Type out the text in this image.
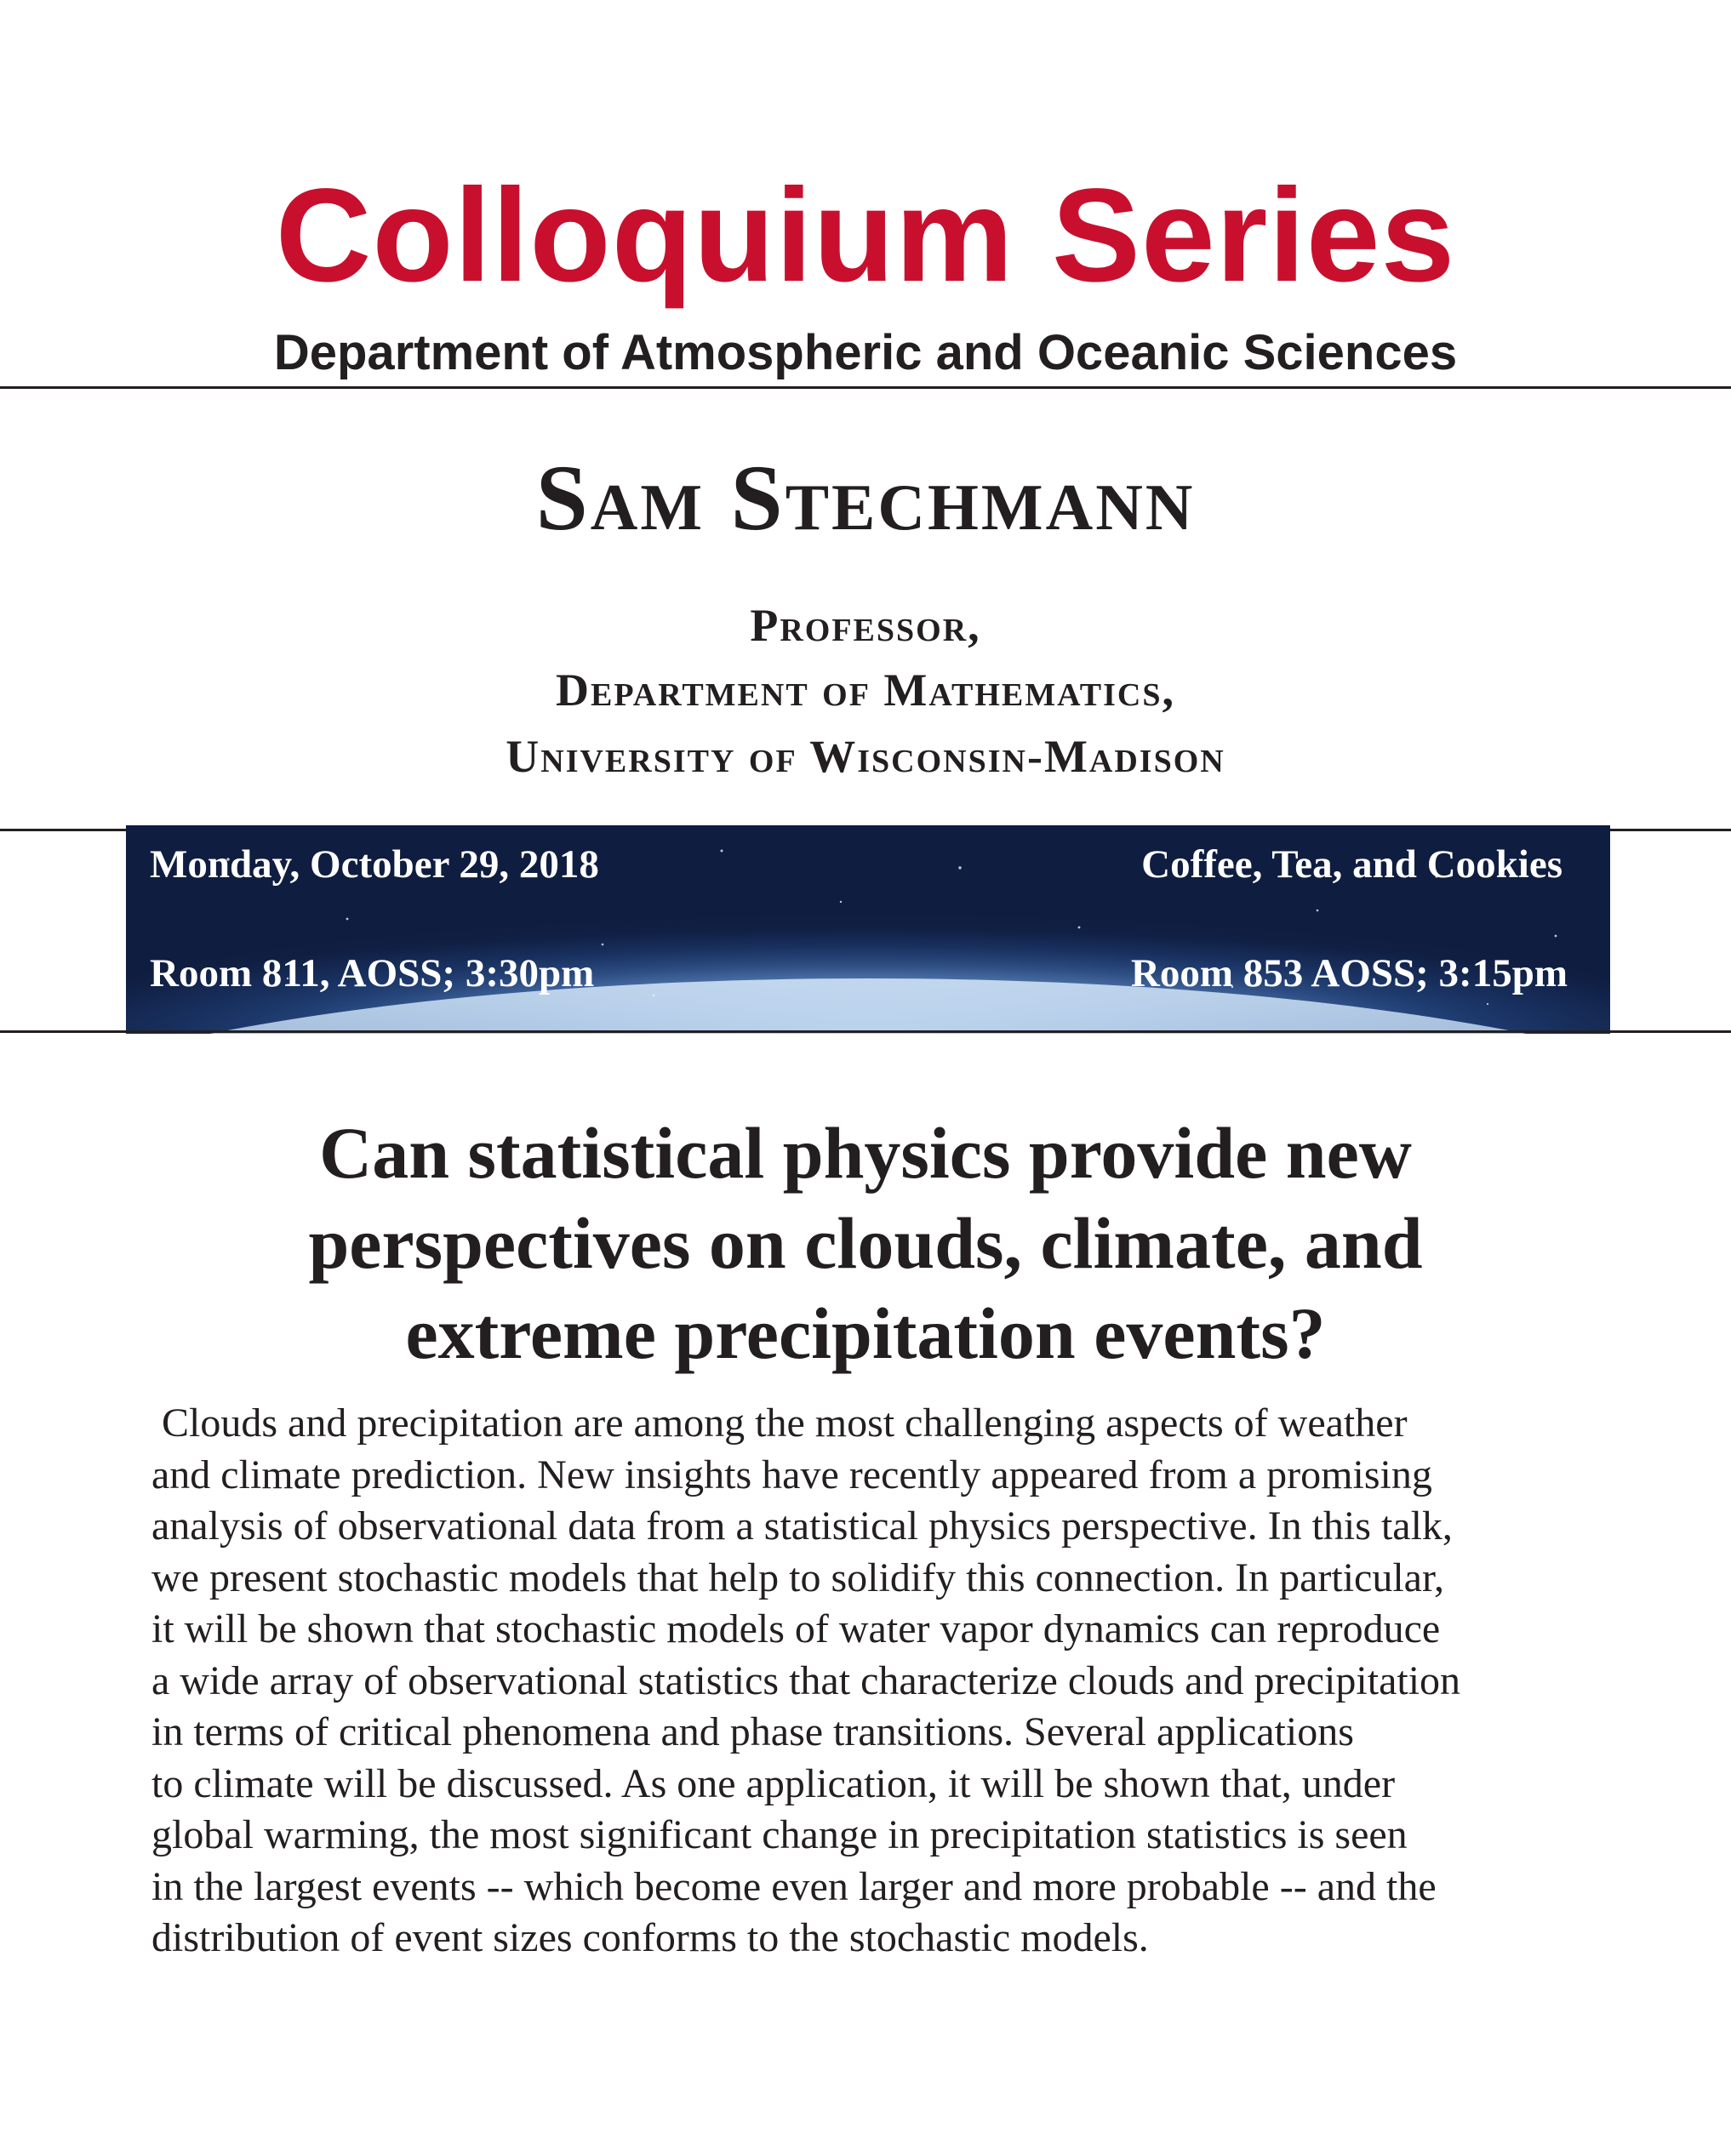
Colloquium Series
Department of Atmospheric and Oceanic Sciences
Sam Stechmann

Professor,

Department of Mathematics,

University of Wisconsin-Madison

Monday, October 29, 2018	Coffee, Tea, and Cookies
Room 811, AOSS; 3:30pm	Room 853 AOSS; 3:15pm
Can statistical physics provide new
perspectives on clouds, climate, and
extreme precipitation events?
Clouds and precipitation are among the most challenging aspects of weather
and climate prediction. New insights have recently appeared from a promising
analysis of observational data from a statistical physics perspective. In this talk,
we present stochastic models that help to solidify this connection. In particular,
it will be shown that stochastic models of water vapor dynamics can reproduce
a wide array of observational statistics that characterize clouds and precipitation
in terms of critical phenomena and phase transitions. Several applications
to climate will be discussed. As one application, it will be shown that, under
global warming, the most significant change in precipitation statistics is seen
in the largest events -- which become even larger and more probable -- and the
distribution of event sizes conforms to the stochastic models.
